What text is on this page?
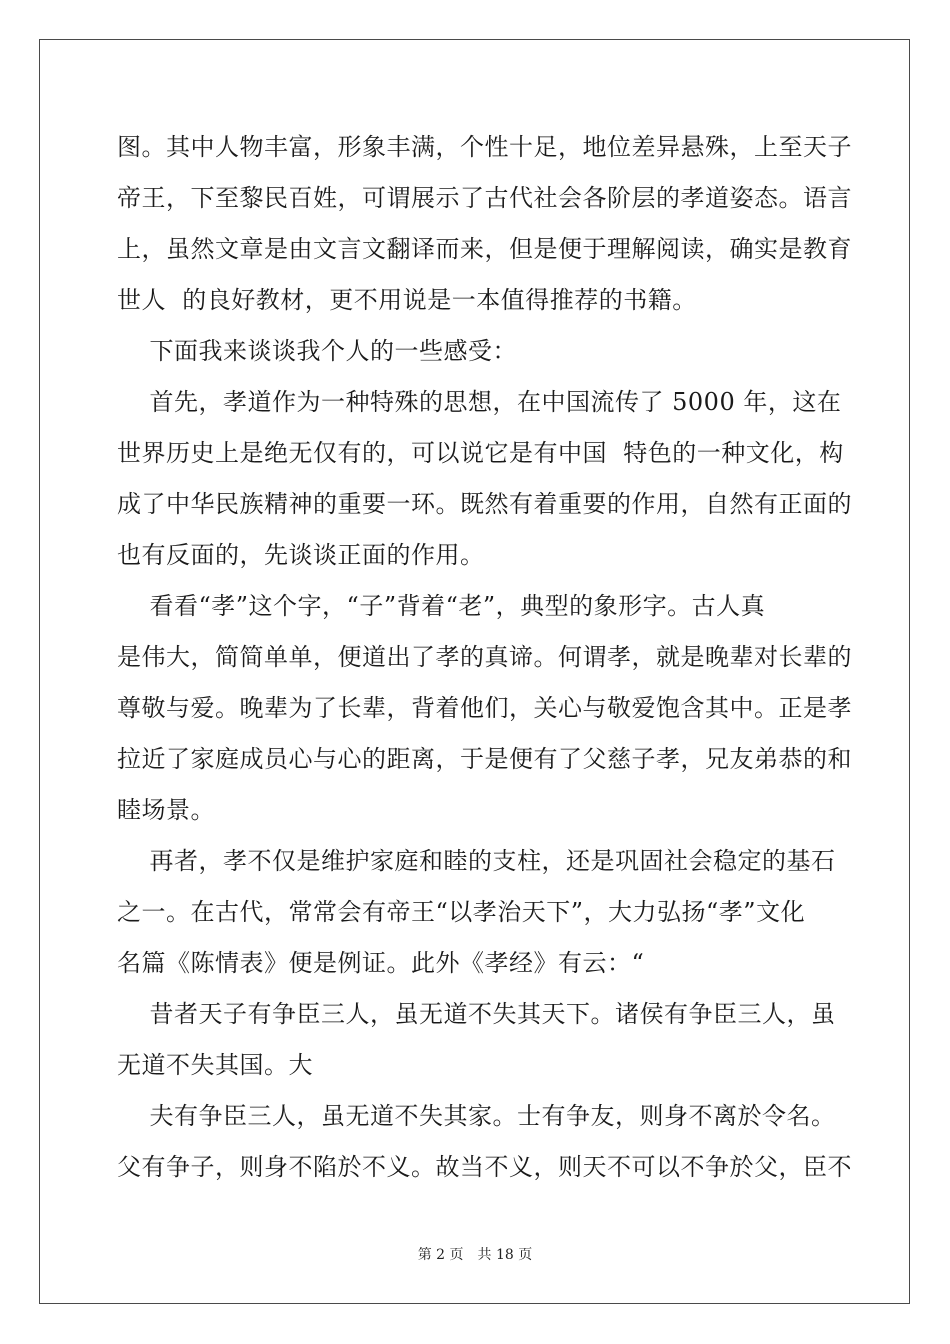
图。其中人物丰富，形象丰满，个性十足，地位差异悬殊，上至天子
帝王，下至黎民百姓，可谓展示了古代社会各阶层的孝道姿态。语言
上，虽然文章是由文言文翻译而来，但是便于理解阅读，确实是教育
世人  的良好教材，更不用说是一本值得推荐的书籍。
下面我来谈谈我个人的一些感受：
首先，孝道作为一种特殊的思想，在中国流传了 5000 年，这在
世界历史上是绝无仅有的，可以说它是有中国  特色的一种文化，构
成了中华民族精神的重要一环。既然有着重要的作用，自然有正面的
也有反面的，先谈谈正面的作用。
看看“孝”这个字，“子”背着“老”，典型的象形字。古人真
是伟大，简简单单，便道出了孝的真谛。何谓孝，就是晚辈对长辈的
尊敬与爱。晚辈为了长辈，背着他们，关心与敬爱饱含其中。正是孝
拉近了家庭成员心与心的距离，于是便有了父慈子孝，兄友弟恭的和
睦场景。
再者，孝不仅是维护家庭和睦的支柱，还是巩固社会稳定的基石
之一。在古代，常常会有帝王“以孝治天下”，大力弘扬“孝”文化
名篇《陈情表》便是例证。此外《孝经》有云：“
昔者天子有争臣三人，虽无道不失其天下。诸侯有争臣三人，虽
无道不失其国。大
夫有争臣三人，虽无道不失其家。士有争友，则身不离於令名。
父有争子，则身不陷於不义。故当不义，则天不可以不争於父，臣不
第 2 页 共 18 页
